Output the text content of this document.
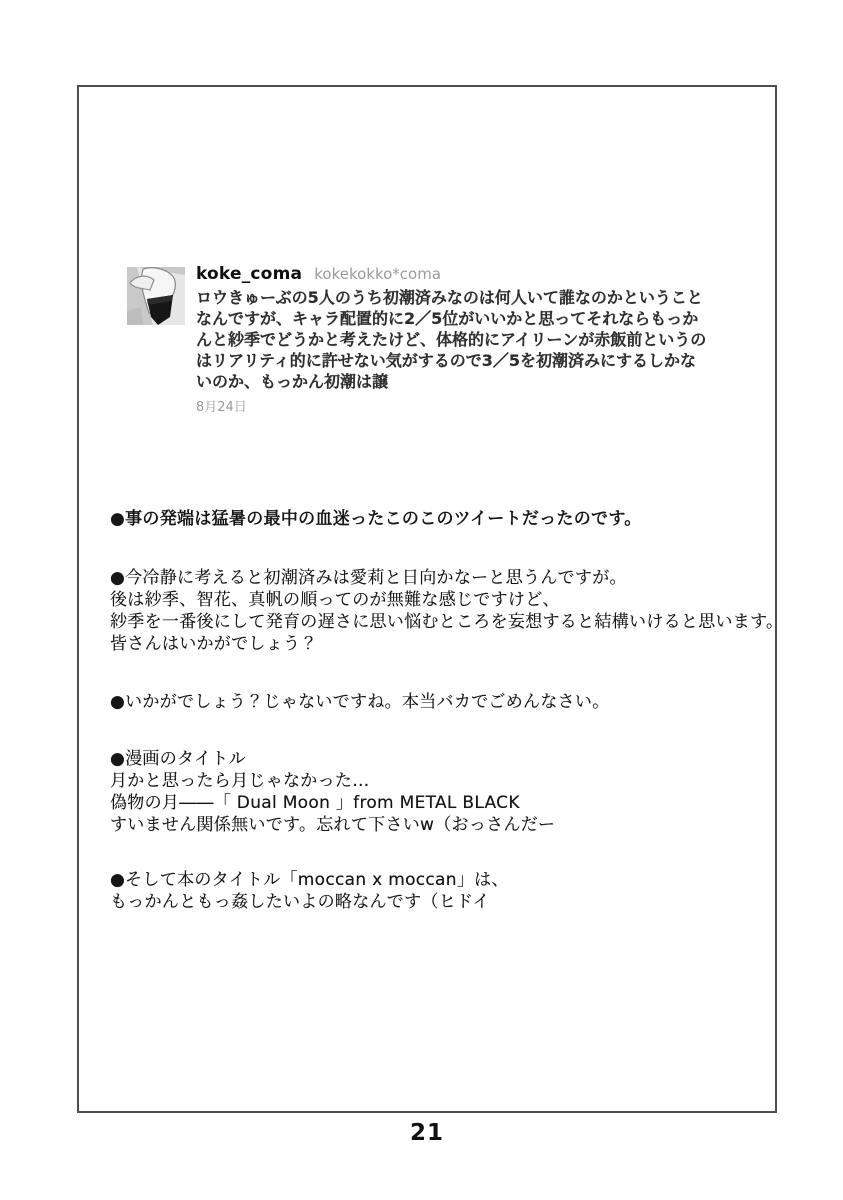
koke_coma kokekokko*coma
ロウきゅーぶの5人のうち初潮済みなのは何人いて誰なのかということ
なんですが、キャラ配置的に2／5位がいいかと思ってそれならもっか
んと紗季でどうかと考えたけど、体格的にアイリーンが赤飯前というの
はリアリティ的に許せない気がするので3／5を初潮済みにするしかな
いのか、もっかん初潮は譲
8月24日
●事の発端は猛暑の最中の血迷ったこのこのツイートだったのです。
●今冷静に考えると初潮済みは愛莉と日向かなーと思うんですが。
後は紗季、智花、真帆の順ってのが無難な感じですけど、
紗季を一番後にして発育の遅さに思い悩むところを妄想すると結構いけると思います。
皆さんはいかがでしょう？
●いかがでしょう？じゃないですね。本当バカでごめんなさい。
●漫画のタイトル
月かと思ったら月じゃなかった…
偽物の月――「 Dual Moon 」from METAL BLACK
すいません関係無いです。忘れて下さいw（おっさんだー
●そして本のタイトル「moccan x moccan」は、
もっかんともっ姦したいよの略なんです（ヒドイ
21
